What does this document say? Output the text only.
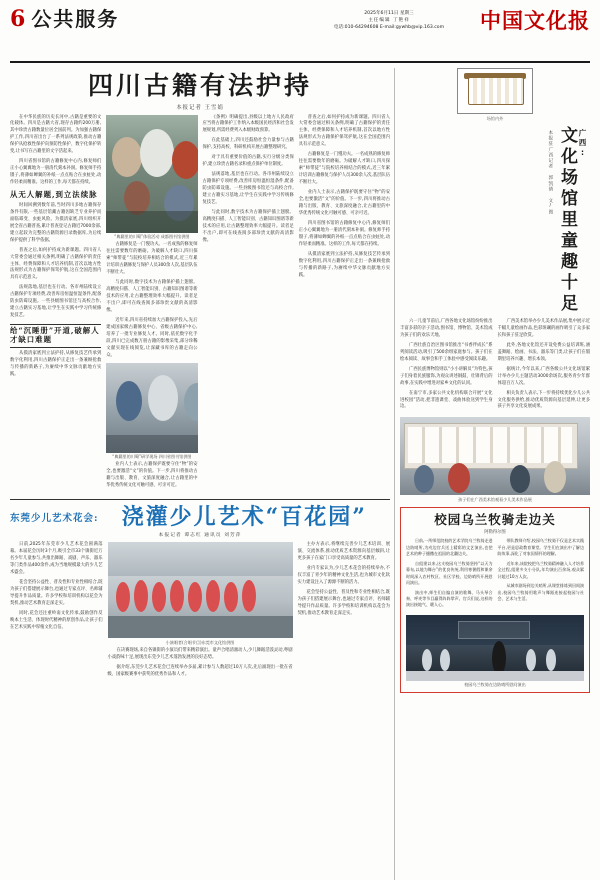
6 公共服务	2025年6月11日 星期三
主任编辑 丁艳祥
电话:010-64294608 E-mail:gywhb@vip.163.com	中国文化报
四川古籍有法护持
本报记者 王雪娟

在中华民族的历史长河中,古籍是重要的文化载体。四川是古籍大省,现存古籍约200万册,其中珍贵古籍数量位居全国前列。为加强古籍保护工作,四川省出台了一系列法规政策,推动古籍保护从抢救性保护向预防性保护、数字化保护转变,让书写在古籍里的文字活起来。

四川省图书馆的古籍修复中心内,修复师们正小心翼翼地为一册清代刻本补洞。修复师手持镊子,将薄如蝉翼的补纸一点点贴合在虫蛀处,动作轻柔而精准。这样的工作,每天都在持续。

从无人解题,到立法续脉

时间回溯到数年前,当时四川多地古籍保存条件有限,一些基层馆藏古籍因缺乏专业养护而面临霉变、虫蛀风险。为摸清家底,四川组织开展全省古籍普查,累计普查登记古籍近7000余部,建立起较为完整的古籍资源目录数据库,为后续保护提供了科学依据。

普查之后,如何护持成为新课题。四川省人大常委会通过相关条例,明确了古籍保护的责任主体、经费保障和人才培养机制,首次以地方性法规形式为古籍保护保驾护航,这在全国范围内具有示范意义。

法规落地,基层也在行动。各市州陆续设立古籍保护专项经费,改善库房恒温恒湿条件,配备防虫防霉设施。一些县级图书馆还与高校合作,建立古籍实习基地,让学生在实践中学习传统修复技艺。

给“沉睡册”开道,破解人才缺口难题

从摸清家底到立法护持,从修复技艺传承到数字化利用,四川古籍保护正走出一条兼顾抢救与传播的新路子,为赓续中华文脉贡献地方实践。

“典籍里的川蜀”体验活动 成都图书馆供图

古籍修复是一门慢功夫。一名成熟的修复师往往需要数年的磨砺。为破解人才缺口,四川探索“师带徒”与院校培养相结合的模式,近三年累计培训古籍修复与保护人员300余人次,基层队伍不断壮大。

与此同时,数字技术为古籍保护插上翅膀。高精度扫描、人工智能识别、古籍知识图谱等新技术的应用,让古籍整理效率大幅提升。读者足不出户,即可在线查阅多部珍贵文献的高清影像。

近年来,四川省持续加大古籍保护投入,先后建成国家级古籍修复中心、省级古籍保护中心,培养了一批专业修复人才。同时,依托数字化手段,四川已完成数万册古籍的影像采集,部分珍稀文献实现在线阅览,让深藏书库的古籍走向公众。

“典籍里的川蜀”研学现场 四川省图书馆供图

业内人士表示,古籍保护既要守住“物”的安全,也要激活“文”的价值。下一步,四川将推动古籍与出版、教育、文旅深度融合,让古籍里的中华优秀传统文化可触可感、可亲可近。

《条例》明确提出,县级以上地方人民政府应当将古籍保护工作纳入本级国民经济和社会发展规划,所需经费列入本级财政预算。

在此基础上,四川还鼓励社会力量参与古籍保护,支持高校、科研机构开展古籍整理研究。

对于具有重要价值的古籍,实行分级分类保护,建立珍贵古籍名录和重点保护单位制度。

法规落地,基层也在行动。各市州陆续设立古籍保护专项经费,改善库房恒温恒湿条件,配备防虫防霉设施。一些县级图书馆还与高校合作,建立古籍实习基地,让学生在实践中学习传统修复技艺。

与此同时,数字技术为古籍保护插上翅膀。高精度扫描、人工智能识别、古籍知识图谱等新技术的应用,让古籍整理效率大幅提升。读者足不出户,即可在线查阅多部珍贵文献的高清影像。

普查之后,如何护持成为新课题。四川省人大常委会通过相关条例,明确了古籍保护的责任主体、经费保障和人才培养机制,首次以地方性法规形式为古籍保护保驾护航,这在全国范围内具有示范意义。

古籍修复是一门慢功夫。一名成熟的修复师往往需要数年的磨砺。为破解人才缺口,四川探索“师带徒”与院校培养相结合的模式,近三年累计培训古籍修复与保护人员300余人次,基层队伍不断壮大。

业内人士表示,古籍保护既要守住“物”的安全,也要激活“文”的价值。下一步,四川将推动古籍与出版、教育、文旅深度融合,让古籍里的中华优秀传统文化可触可感、可亲可近。

四川省图书馆的古籍修复中心内,修复师们正小心翼翼地为一册清代刻本补洞。修复师手持镊子,将薄如蝉翼的补纸一点点贴合在虫蛀处,动作轻柔而精准。这样的工作,每天都在持续。

从摸清家底到立法护持,从修复技艺传承到数字化利用,四川古籍保护正走出一条兼顾抢救与传播的新路子,为赓续中华文脉贡献地方实践。

东莞少儿艺术花会:	浇灌少儿艺术“百花园”
本报记者 谭志红 通讯员 刘芳萍

日前,2025年东莞市少儿艺术花会圆满落幕。本届花会历时3个月,吸引全市33个镇街近万名少年儿童参与,共推出舞蹈、戏剧、声乐、器乐等门类作品400余件,成为当地规模最大的少儿艺术盛会。

花会坚持公益性、普及性和专业性相结合,既为孩子们搭建展示舞台,也通过专家点评、名师辅导提升作品质量。许多学校和培训机构以花会为契机,推动艺术教育走深走实。

同时,花会还注重岭南文化传承,鼓励创作反映本土生活、体现时代精神的原创作品,让孩子们在艺术实践中厚植文化自信。

小演唱者(合唱节目)东莞市文化馆供图

在决赛现场,来自各镇街的小演员们带来精彩演出。童声合唱清澈动人,少儿舞蹈活泼灵动,粤剧小戏韵味十足,展现出东莞少儿艺术蓬勃发展的良好态势。

据介绍,东莞少儿艺术花会已连续举办多届,累计参与人数超过10万人次,先后涌现出一批在省级、国家级赛事中获奖的优秀作品和人才。

主办方表示,将继续完善少儿艺术培训、展演、交流体系,推动优质艺术资源向基层倾斜,让更多孩子在家门口享受高质量的艺术教育。

业内专家认为,少儿艺术花会的持续举办,不仅丰富了青少年的精神文化生活,也为城市文化软实力建设注入了源源不断的活力。

花会坚持公益性、普及性和专业性相结合,既为孩子们搭建展示舞台,也通过专家点评、名师辅导提升作品质量。许多学校和培训机构以花会为契机,推动艺术教育走深走实。

场馆内外
本报驻广西记者 郭凯倩 文/图 文化场馆里童趣十足 广西:

六一儿童节前后,广西各地文化场馆纷纷推出丰富多彩的亲子活动,图书馆、博物馆、美术馆成为孩子们的欢乐天地。

广西壮族自治区图书馆推出“书香伴成长”系列阅读活动,吸引了500余组家庭参与。孩子们在绘本阅读、故事会和手工体验中感受阅读乐趣。

广西民族博物馆则以“小小讲解员”为特色,孩子们身着民族服饰,为观众讲述铜鼓、壮锦背后的故事,在实践中增进对家乡文化的认同。

在南宁市,多家公共文化机构联合开展“文化进校园”活动,把非遗课堂、戏曲体验送到学生身边。

广西美术馆举办少儿美术作品展,集中展示近千幅儿童绘画作品,色彩斑斓的画作吸引了众多家长和孩子驻足欣赏。

此外,各地文化馆还开设免费公益培训班,涵盖舞蹈、绘画、书法、器乐等门类,让孩子们在假期里培养兴趣、增长本领。

据统计,今年以来,广西各级公共文化场馆累计举办少儿主题活动3000余场次,服务青少年群体超百万人次。

相关负责人表示,下一步将持续优化少儿公共文化服务供给,推动优质资源向基层延伸,让更多孩子共享文化发展成果。

孩子们在广西美术馆观看少儿美术作品展
校园乌兰牧骑走边关
阿勒得尔图

日前,一所师范院校的艺术学院乌兰牧骑走进边防哨所,为戍边官兵送上精彩的文艺演出,也把艺术的种子播撒在祖国的北疆边关。

自组建以来,这支校园乌兰牧骑坚持“以天为幕布,以地为舞台”的优良传统,利用寒暑假和课余时间深入农村牧区、社区学校、边防哨所开展慰问演出。

演出中,师生们自编自演的歌舞、马头琴合奏、呼麦等节目赢得阵阵掌声。官兵们说,这样的演出接地气、暖人心。

带队教师介绍,校园乌兰牧骑不仅是艺术实践平台,更是思政教育课堂。学生们在演出中了解边防故事,深化了对家国情怀的理解。

近年来,该院校把乌兰牧骑精神融入人才培养全过程,组建多支小分队,年均演出百余场,观众累计超过10万人次。

从城市剧场到边关哨所,从课堂排练到田间演出,校园乌兰牧骑用歌声与舞蹈连接起校园与社会、艺术与生活。

校园乌兰牧骑在边防哨所慰问演出
